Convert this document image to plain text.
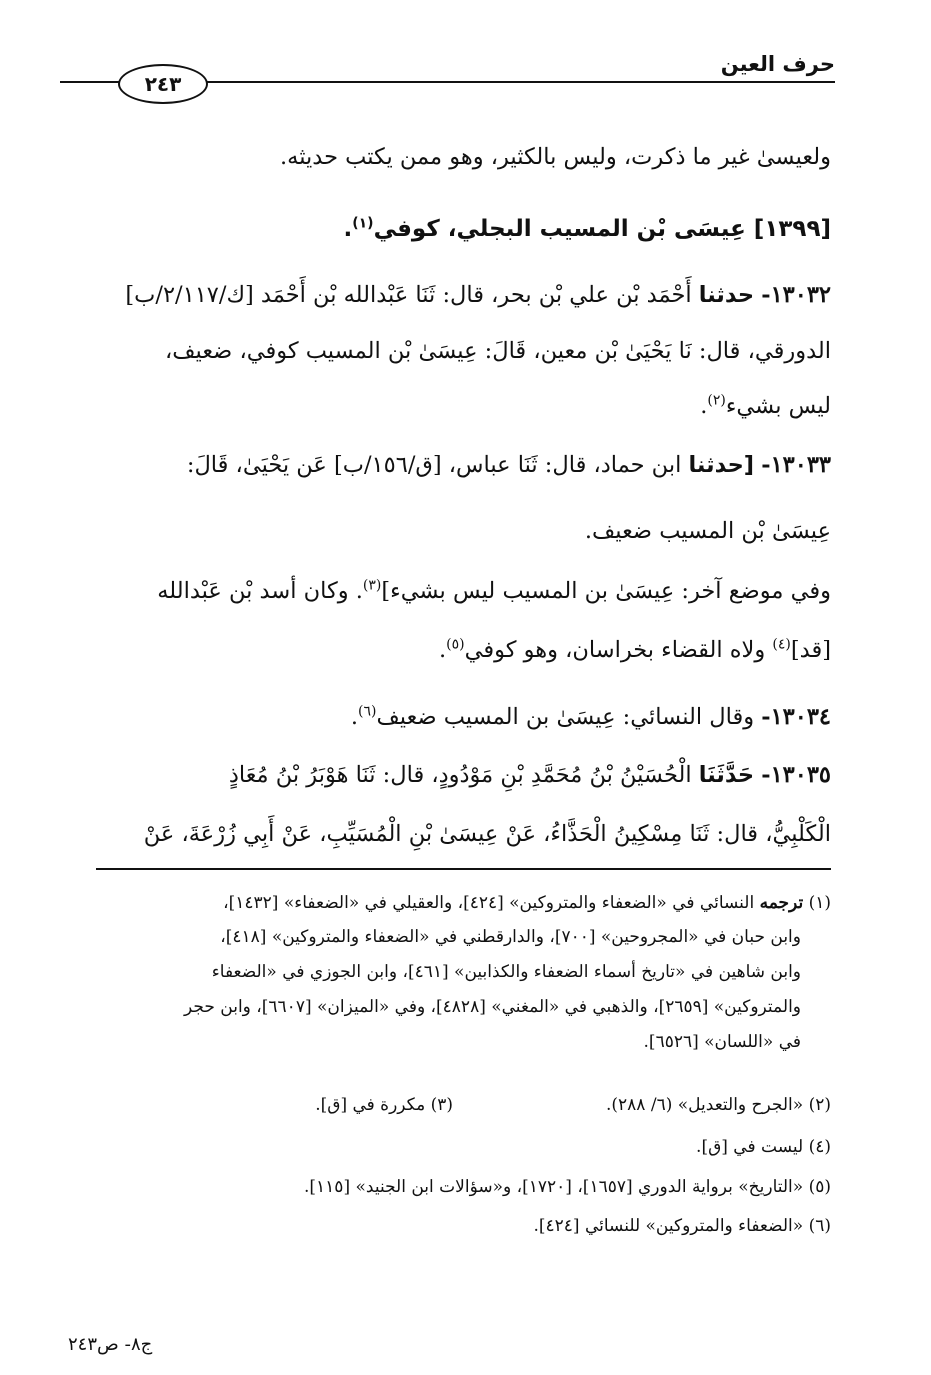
حرف العين
٢٤٣
ولعيسىٰ غير ما ذكرت، وليس بالكثير، وهو ممن يكتب حديثه.
[١٣٩٩] عِيسَى بْن المسيب البجلي، كوفي$^{(١)}$.
١٣٠٣٢- حدثنا أَحْمَد بْن علي بْن بحر، قال: ثَنَا عَبْدالله بْن أَحْمَد [ك/٢/١١٧/ب]
الدورقي، قال: نَا يَحْيَىٰ بْن معين، قَالَ: عِيسَىٰ بْن المسيب كوفي، ضعيف،
ليس بشيء$^{(٢)}$.
١٣٠٣٣- [حدثنا ابن حماد، قال: ثَنَا عباس، [ق/١٥٦/ب] عَن يَحْيَىٰ، قَالَ:
عِيسَىٰ بْن المسيب ضعيف.
وفي موضع آخر: عِيسَىٰ بن المسيب ليس بشيء]$^{(٣)}$. وكان أسد بْن عَبْدالله
[قد]$^{(٤)}$ ولاه القضاء بخراسان، وهو كوفي$^{(٥)}$.
١٣٠٣٤- وقال النسائي: عِيسَىٰ بن المسيب ضعيف$^{(٦)}$.
١٣٠٣٥- حَدَّثَنَا الْحُسَيْنُ بْنُ مُحَمَّدِ بْنِ مَوْدُودٍ، قال: ثَنَا هَوْبَرُ بْنُ مُعَاذٍ
الْكَلْبِيُّ، قال: ثَنَا مِسْكِينُ الْحَذَّاءُ، عَنْ عِيسَىٰ بْنِ الْمُسَيِّبِ، عَنْ أَبِي زُرْعَةَ، عَنْ
(١) ترجمه النسائي في «الضعفاء والمتروكين» [٤٢٤]، والعقيلي في «الضعفاء» [١٤٣٢]،
وابن حبان في «المجروحين» [٧٠٠]، والدارقطني في «الضعفاء والمتروكين» [٤١٨]،
وابن شاهين في «تاريخ أسماء الضعفاء والكذابين» [٤٦١]، وابن الجوزي في «الضعفاء
والمتروكين» [٢٦٥٩]، والذهبي في «المغني» [٤٨٢٨]، وفي «الميزان» [٦٦٠٧]، وابن حجر
في «اللسان» [٦٥٢٦].
(٢) «الجرح والتعديل» (٦/ ٢٨٨).
(٣) مكررة في [ق].
(٤) ليست في [ق].
(٥) «التاريخ» برواية الدوري [١٦٥٧]، [١٧٢٠]، و«سؤالات ابن الجنيد» [١١٥].
(٦) «الضعفاء والمتروكين» للنسائي [٤٢٤].
ج٨- ص٢٤٣
